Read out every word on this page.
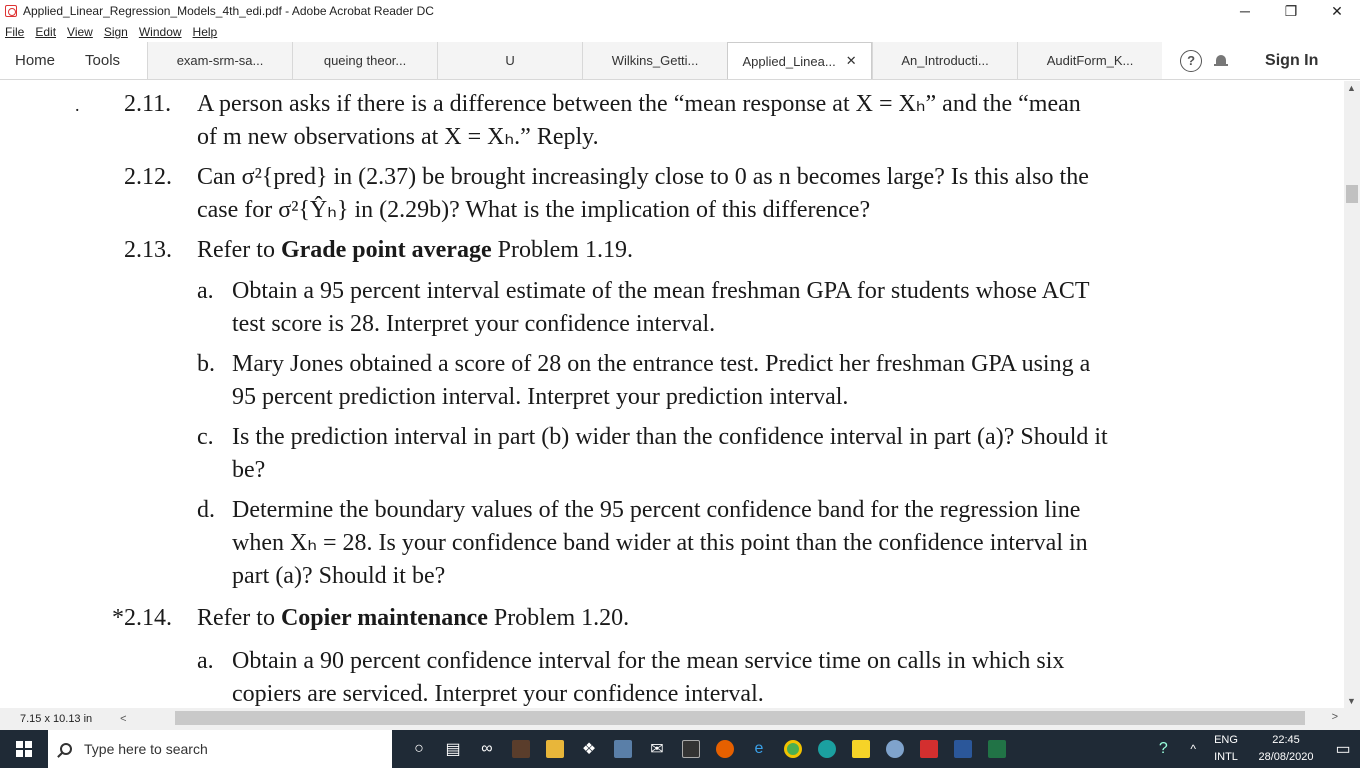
Applied_Linear_Regression_Models_4th_edi.pdf - Adobe Acrobat Reader DC	─	❐	✕
File Edit View Sign Window Help
Home	Tools	exam-srm-sa...	queing theor...	U	Wilkins_Getti...	Applied_Linea... ✕	An_Introducti...	AuditForm_K...	?	Sign In
. 2.11. A person asks if there is a difference between the “mean response at X = Xₕ” and the “mean
of m new observations at X = Xₕ.” Reply.
2.12. Can σ²{pred} in (2.37) be brought increasingly close to 0 as n becomes large? Is this also the
case for σ²{Ŷₕ} in (2.29b)? What is the implication of this difference?
2.13. Refer to Grade point average Problem 1.19.
a. Obtain a 95 percent interval estimate of the mean freshman GPA for students whose ACT
test score is 28. Interpret your confidence interval.
b. Mary Jones obtained a score of 28 on the entrance test. Predict her freshman GPA using a
95 percent prediction interval. Interpret your prediction interval.
c. Is the prediction interval in part (b) wider than the confidence interval in part (a)? Should it
be?
d. Determine the boundary values of the 95 percent confidence band for the regression line
when Xₕ = 28. Is your confidence band wider at this point than the confidence interval in
part (a)? Should it be?
*2.14. Refer to Copier maintenance Problem 1.20.
a. Obtain a 90 percent confidence interval for the mean service time on calls in which six
copiers are serviced. Interpret your confidence interval.
▲
▼
7.15 x 10.13 in	<	>
Type here to search	○	▤	∞	❖	✉	e	?	^
ENG
INTL
22:45
28/08/2020	▭
